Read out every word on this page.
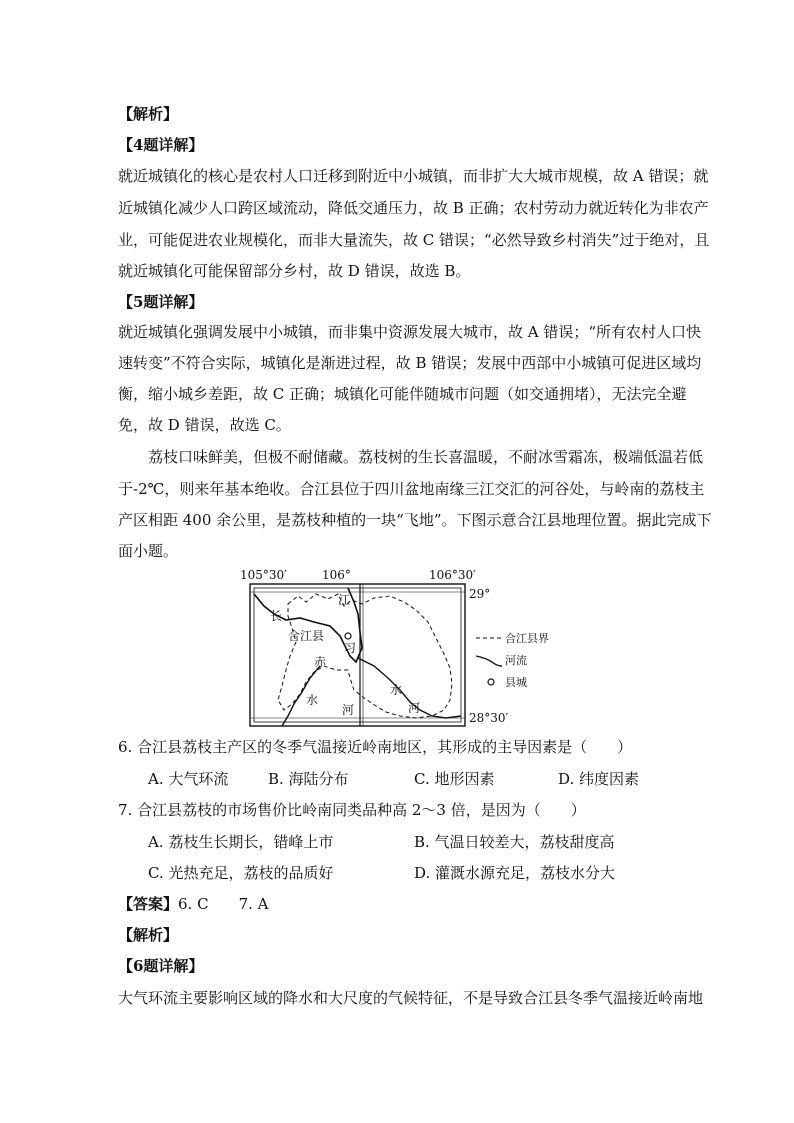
【解析】
【4题详解】
就近城镇化的核心是农村人口迁移到附近中小城镇，而非扩大大城市规模，故 A 错误；就
近城镇化减少人口跨区域流动，降低交通压力，故 B 正确；农村劳动力就近转化为非农产
业，可能促进农业规模化，而非大量流失，故 C 错误；“必然导致乡村消失”过于绝对，且
就近城镇化可能保留部分乡村，故 D 错误，故选 B。
【5题详解】
就近城镇化强调发展中小城镇，而非集中资源发展大城市，故 A 错误；“所有农村人口快
速转变”不符合实际，城镇化是渐进过程，故 B 错误；发展中西部中小城镇可促进区域均
衡，缩小城乡差距，故 C 正确；城镇化可能伴随城市问题（如交通拥堵），无法完全避
免，故 D 错误，故选 C。
荔枝口味鲜美，但极不耐储藏。荔枝树的生长喜温暖，不耐冰雪霜冻，极端低温若低
于-2℃，则来年基本绝收。合江县位于四川盆地南缘三江交汇的河谷处，与岭南的荔枝主
产区相距 400 余公里，是荔枝种植的一块“飞地”。下图示意合江县地理位置。据此完成下
面小题。
105°30′	106°	106°30′
29°
28°30′
江
长
合江县
赤
习
水
河
水
河
合江县界
河流
县城
6. 合江县荔枝主产区的冬季气温接近岭南地区，其形成的主导因素是（　　）
A. 大气环流	B. 海陆分布	C. 地形因素	D. 纬度因素
7. 合江县荔枝的市场售价比岭南同类品种高 2～3 倍，是因为（　　）
A. 荔枝生长期长，错峰上市	B. 气温日较差大，荔枝甜度高
C. 光热充足，荔枝的品质好	D. 灌溉水源充足，荔枝水分大
【答案】6. C　　7. A
【解析】
【6题详解】
大气环流主要影响区域的降水和大尺度的气候特征，不是导致合江县冬季气温接近岭南地
